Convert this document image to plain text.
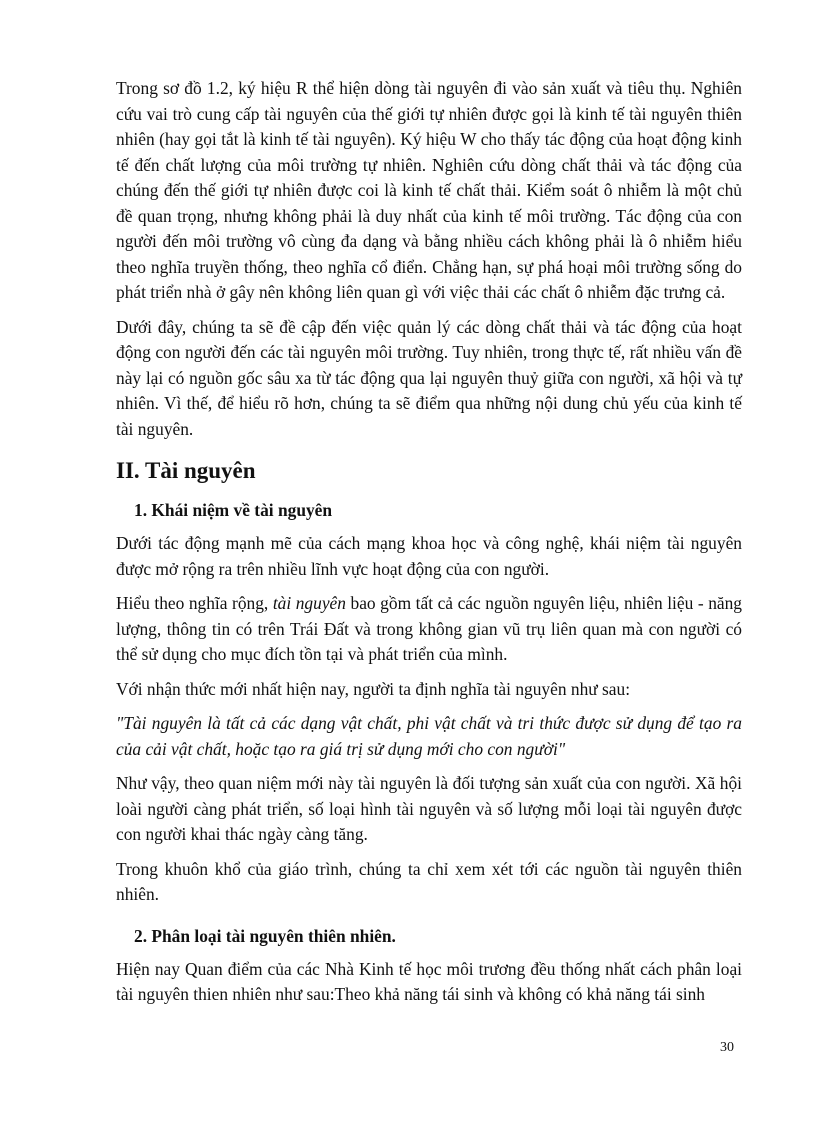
Trong sơ đồ 1.2, ký hiệu R thể hiện dòng tài nguyên đi vào sản xuất và tiêu thụ. Nghiên cứu vai trò cung cấp tài nguyên của thế giới tự nhiên được gọi là kinh tế tài nguyên thiên nhiên (hay gọi tắt là kinh tế tài nguyên). Ký hiệu W cho thấy tác động của hoạt động kinh tế đến chất lượng của môi trường tự nhiên. Nghiên cứu dòng chất thải và tác động của chúng đến thế giới tự nhiên được coi là kinh tế chất thải. Kiểm soát ô nhiễm là một chủ đề quan trọng, nhưng không phải là duy nhất của kinh tế môi trường. Tác động của con người đến môi trường vô cùng đa dạng và bằng nhiều cách không phải là ô nhiễm hiểu theo nghĩa truyền thống, theo nghĩa cổ điển. Chẳng hạn, sự phá hoại môi trường sống do phát triển nhà ở gây nên không liên quan gì với việc thải các chất ô nhiễm đặc trưng cả.

Dưới đây, chúng ta sẽ đề cập đến việc quản lý các dòng chất thải và tác động của hoạt động con người đến các tài nguyên môi trường. Tuy nhiên, trong thực tế, rất nhiều vấn đề này lại có nguồn gốc sâu xa từ tác động qua lại nguyên thuỷ giữa con người, xã hội và tự nhiên. Vì thế, để hiểu rõ hơn, chúng ta sẽ điểm qua những nội dung chủ yếu của kinh tế tài nguyên.

II. Tài nguyên
1. Khái niệm về tài nguyên

Dưới tác động mạnh mẽ của cách mạng khoa học và công nghệ, khái niệm tài nguyên được mở rộng ra trên nhiều lĩnh vực hoạt động của con người.

Hiểu theo nghĩa rộng, tài nguyên bao gồm tất cả các nguồn nguyên liệu, nhiên liệu - năng lượng, thông tin có trên Trái Đất và trong không gian vũ trụ liên quan mà con người có thể sử dụng cho mục đích tồn tại và phát triển của mình.

Với nhận thức mới nhất hiện nay, người ta định nghĩa tài nguyên như sau:

"Tài nguyên là tất cả các dạng vật chất, phi vật chất và tri thức được sử dụng để tạo ra của cải vật chất, hoặc tạo ra giá trị sử dụng mới cho con người"

Như vậy, theo quan niệm mới này tài nguyên là đối tượng sản xuất của con người. Xã hội loài người càng phát triển, số loại hình tài nguyên và số lượng mỗi loại tài nguyên được con người khai thác ngày càng tăng.

Trong khuôn khổ của giáo trình, chúng ta chỉ xem xét tới các nguồn tài nguyên thiên nhiên.

2. Phân loại tài nguyên thiên nhiên.

Hiện nay Quan điểm của các Nhà Kinh tế học môi trương đều thống nhất cách phân loại tài nguyên thien nhiên như sau:Theo khả năng tái sinh và không có khả năng tái sinh

30
